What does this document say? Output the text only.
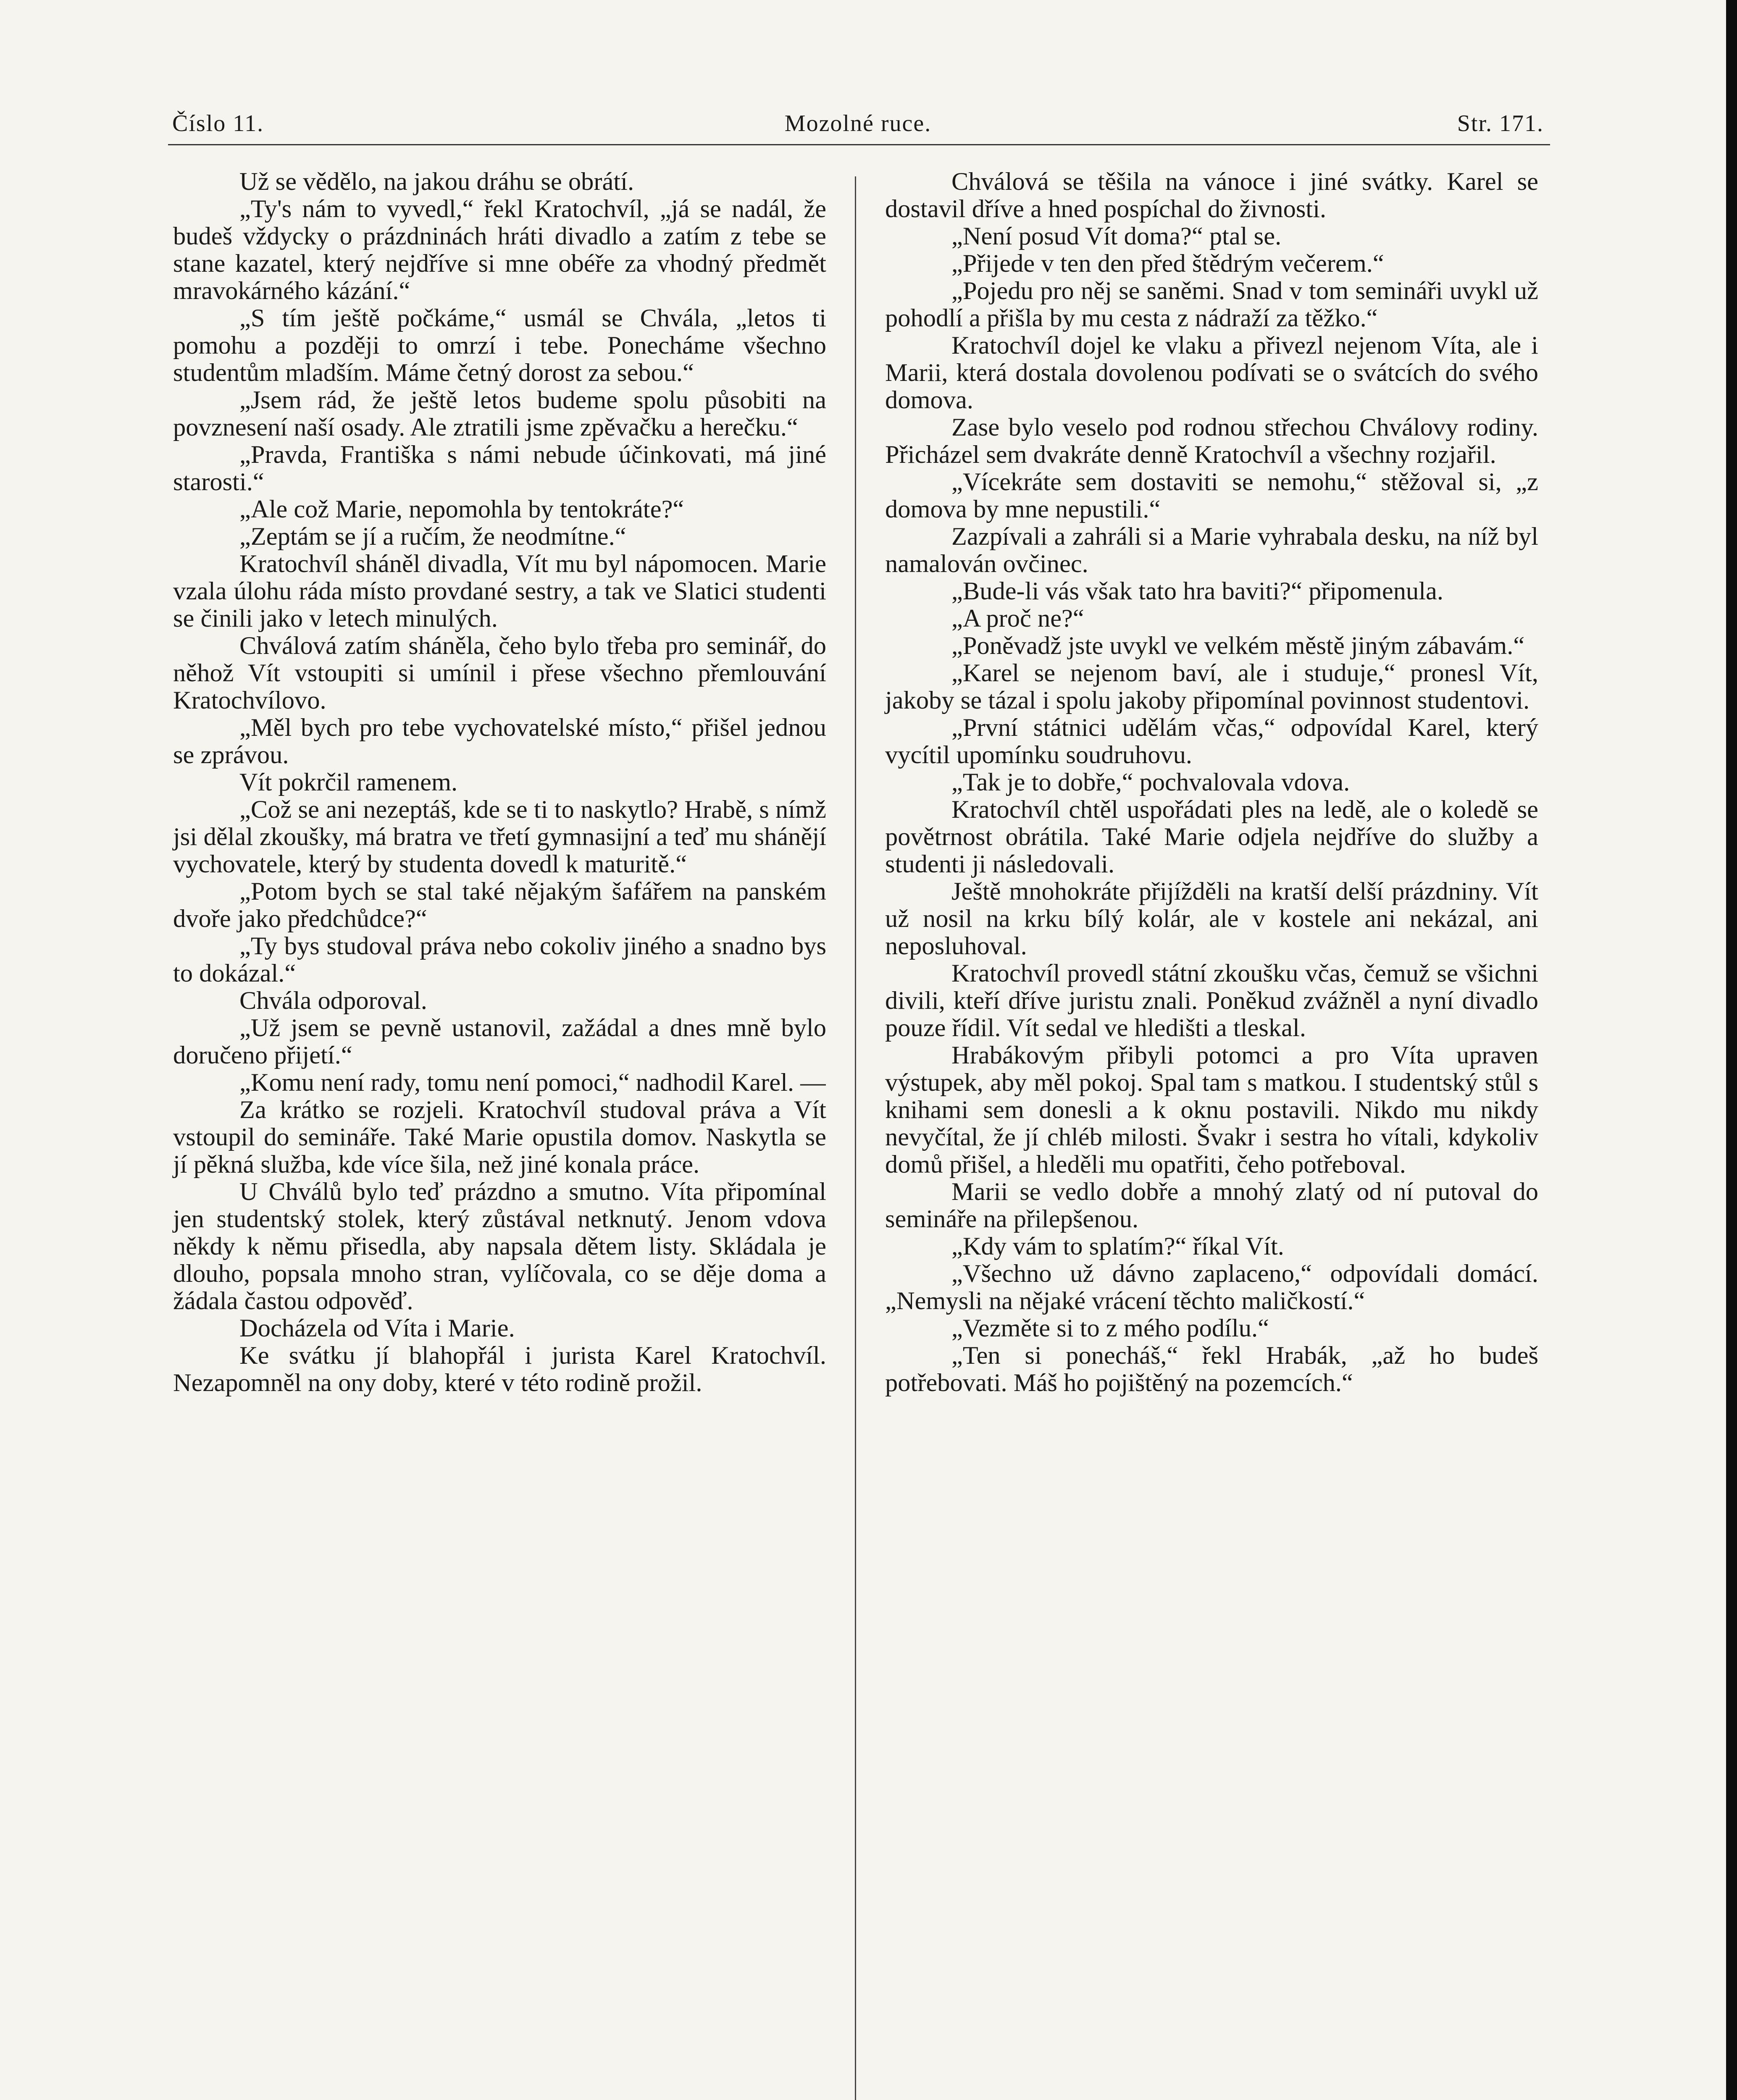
Číslo 11.	Mozolné ruce.	Str. 171.

Už se vědělo, na jakou dráhu se obrátí.

„Ty's nám to vyvedl,“ řekl Kratochvíl, „já se nadál, že budeš vždycky o prázdninách hráti divadlo a zatím z tebe se stane kazatel, který nejdříve si mne obéře za vhodný předmět mravokárného kázání.“

„S tím ještě počkáme,“ usmál se Chvála, „letos ti pomohu a později to omrzí i tebe. Ponecháme všechno studentům mladším. Máme četný dorost za sebou.“

„Jsem rád, že ještě letos budeme spolu působiti na povznesení naší osady. Ale ztratili jsme zpěvačku a herečku.“

„Pravda, Františka s námi nebude účinkovati, má jiné starosti.“

„Ale což Marie, nepomohla by tentokráte?“

„Zeptám se jí a ručím, že neodmítne.“

Kratochvíl sháněl divadla, Vít mu byl nápomocen. Marie vzala úlohu ráda místo provdané sestry, a tak ve Slatici studenti se činili jako v letech minulých.

Chválová zatím sháněla, čeho bylo třeba pro seminář, do něhož Vít vstoupiti si umínil i přese všechno přemlouvání Kratochvílovo.

„Měl bych pro tebe vychovatelské místo,“ přišel jednou se zprávou.

Vít pokrčil ramenem.

„Což se ani nezeptáš, kde se ti to naskytlo? Hrabě, s nímž jsi dělal zkoušky, má bratra ve třetí gymnasijní a teď mu shánějí vychovatele, který by studenta dovedl k maturitě.“

„Potom bych se stal také nějakým šafářem na panském dvoře jako předchůdce?“

„Ty bys studoval práva nebo cokoliv jiného a snadno bys to dokázal.“

Chvála odporoval.

„Už jsem se pevně ustanovil, zažádal a dnes mně bylo doručeno přijetí.“

„Komu není rady, tomu není pomoci,“ nadhodil Karel. —

Za krátko se rozjeli. Kratochvíl studoval práva a Vít vstoupil do semináře. Také Marie opustila domov. Naskytla se jí pěkná služba, kde více šila, než jiné konala práce.

U Chválů bylo teď prázdno a smutno. Víta připomínal jen studentský stolek, který zůstával netknutý. Jenom vdova někdy k němu přisedla, aby napsala dětem listy. Skládala je dlouho, popsala mnoho stran, vylíčovala, co se děje doma a žádala častou odpověď.

Docházela od Víta i Marie.

Ke svátku jí blahopřál i jurista Karel Kratochvíl. Nezapomněl na ony doby, které v této rodině prožil.

Chválová se těšila na vánoce i jiné svátky. Karel se dostavil dříve a hned pospíchal do živnosti.

„Není posud Vít doma?“ ptal se.

„Přijede v ten den před štědrým večerem.“

„Pojedu pro něj se saněmi. Snad v tom semináři uvykl už pohodlí a přišla by mu cesta z nádraží za těžko.“

Kratochvíl dojel ke vlaku a přivezl nejenom Víta, ale i Marii, která dostala dovolenou podívati se o svátcích do svého domova.

Zase bylo veselo pod rodnou střechou Chválovy rodiny. Přicházel sem dvakráte denně Kratochvíl a všechny rozjařil.

„Vícekráte sem dostaviti se nemohu,“ stěžoval si, „z domova by mne nepustili.“

Zazpívali a zahráli si a Marie vyhrabala desku, na níž byl namalován ovčinec.

„Bude-li vás však tato hra baviti?“ připomenula.

„A proč ne?“

„Poněvadž jste uvykl ve velkém městě jiným zábavám.“

„Karel se nejenom baví, ale i studuje,“ pronesl Vít, jakoby se tázal i spolu jakoby připomínal povinnost studentovi.

„První státnici udělám včas,“ odpovídal Karel, který vycítil upomínku soudruhovu.

„Tak je to dobře,“ pochvalovala vdova.

Kratochvíl chtěl uspořádati ples na ledě, ale o koledě se povětrnost obrátila. Také Marie odjela nejdříve do služby a studenti ji následovali.

Ještě mnohokráte přijížděli na kratší delší prázdniny. Vít už nosil na krku bílý kolár, ale v kostele ani nekázal, ani neposluhoval.

Kratochvíl provedl státní zkoušku včas, čemuž se všichni divili, kteří dříve juristu znali. Poněkud zvážněl a nyní divadlo pouze řídil. Vít sedal ve hledišti a tleskal.

Hrabákovým přibyli potomci a pro Víta upraven výstupek, aby měl pokoj. Spal tam s matkou. I studentský stůl s knihami sem donesli a k oknu postavili. Nikdo mu nikdy nevyčítal, že jí chléb milosti. Švakr i sestra ho vítali, kdykoliv domů přišel, a hleděli mu opatřiti, čeho potřeboval.

Marii se vedlo dobře a mnohý zlatý od ní putoval do semináře na přilepšenou.

„Kdy vám to splatím?“ říkal Vít.

„Všechno už dávno zaplaceno,“ odpovídali domácí. „Nemysli na nějaké vrácení těchto maličkostí.“

„Vezměte si to z mého podílu.“

„Ten si ponecháš,“ řekl Hrabák, „až ho budeš potřebovati. Máš ho pojištěný na pozemcích.“
